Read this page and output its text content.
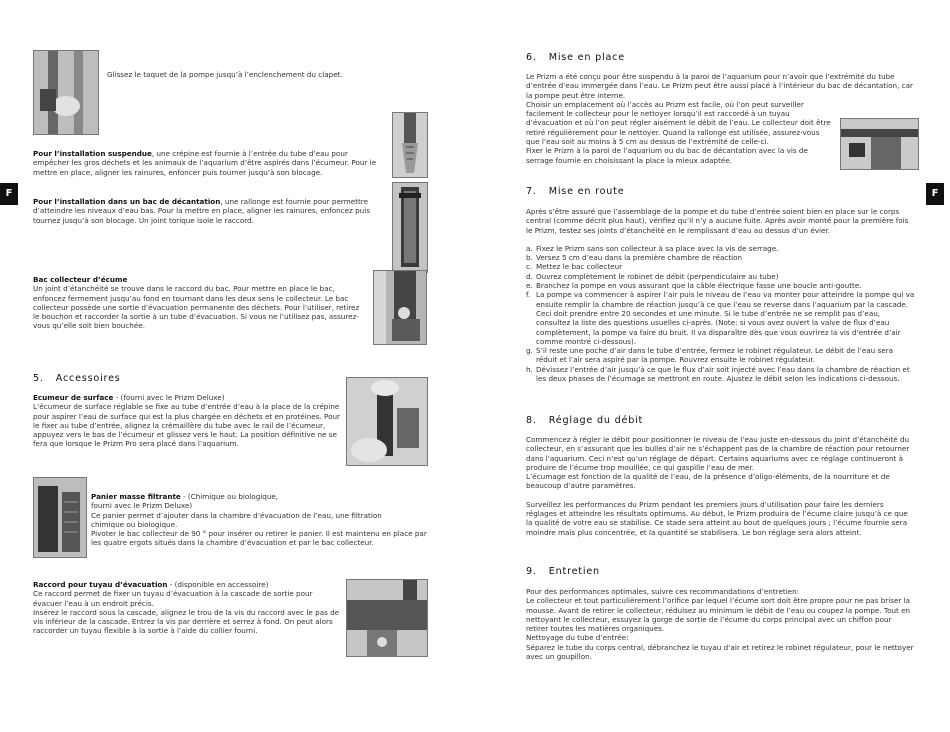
F	F
Glissez le taquet de la pompe jusqu’à l’enclenchement du clapet.
Pour l’installation suspendue, une crépine est fournie à l’entrée du tube d’eau pour empêcher les gros déchets et les animaux de l’aquarium d’être aspirés dans l’écumeur. Pour le mettre en place, aligner les rainures, enfoncer puis tourner jusqu’à son blocage.
Pour l’installation dans un bac de décantation, une rallonge est fournie pour permettre d’atteindre les niveaux d’eau bas. Pour la mettre en place, aligner les rainures, enfoncez puis tournez jusqu’à son blocage. Un joint torique isole le raccord.
Bac collecteur d’écume
Un joint d’étanchéité se trouve dans le raccord du bac. Pour mettre en place le bac, enfoncez fermement jusqu’au fond en tournant dans les deux sens le collecteur. Le bac collecteur possède une sortie d’évacuation permanente des déchets. Pour l’utiliser, retirez le bouchon et raccorder la sortie à un tube d’évacuation. Si vous ne l’utilisez pas, assurez-vous qu’elle soit bien bouchée.
5. Accessoires
Ecumeur de surface - (fourni avec le Prizm Deluxe)
L’écumeur de surface réglable se fixe au tube d’entrée d’eau à la place de la crépine pour aspirer l’eau de surface qui est la plus chargée en déchets et en protéines. Pour le fixer au tube d’entrée, alignez la crémaillère du tube avec le rail de l’écumeur, appuyez vers le bas de l’écumeur et glissez vers le haut. La position définitive ne se fera que lorsque le Prizm Pro sera placé dans l’aquarium.
Panier masse filtrante - (Chimique ou biologique, fourni avec le Prizm Deluxe)
Ce panier permet d’ajouter dans la chambre d’évacuation de l’eau, une filtration chimique ou biologique.
Pivoter le bac collecteur de 90 ° pour insérer ou retirer le panier. Il est maintenu en place par les quatre ergots situés dans la chambre d’évacuation et par le bac collecteur.
Raccord pour tuyau d’évacuation - (disponible en accessoire)
Ce raccord permet de fixer un tuyau d’évacuation à la cascade de sortie pour évacuer l’eau à un endroit précis.
Insérez le raccord sous la cascade, alignez le trou de la vis du raccord avec le pas de vis inférieur de la cascade. Entrez la vis par derrière et serrez à fond. On peut alors raccorder un tuyau flexible à la sortie à l’aide du collier fourni.
6. Mise en place
Le Prizm a été conçu pour être suspendu à la paroi de l’aquarium pour n’avoir que l’extrémité du tube d’entrée d’eau immergée dans l’eau. Le Prizm peut être aussi placé à l’intérieur du bac de décantation, car la pompe peut être interne.
Choisir un emplacement où l’accès au Prizm est facile, où l’on peut surveiller facilement le collecteur pour le nettoyer lorsqu’il est raccordé à un tuyau d’évacuation et où l’on peut régler aisément le débit de l’eau. Le collecteur doit être retiré régulièrement pour le nettoyer. Quand la rallonge est utilisée, assurez-vous que l’eau soit au moins à 5 cm au dessus de l’extrémité de celle-ci.
Fixer le Prizm à la paroi de l’aquarium ou du bac de décantation avec la vis de serrage fournie en choisissant la place la mieux adaptée.
7. Mise en route
Après s’être assuré que l’assemblage de la pompe et du tube d’entrée soient bien en place sur le corps central (comme décrit plus haut), vérifiez qu’il n’y a aucune fuite. Après avoir monté pour la première fois le Prizm, testez ses joints d’étanchéité en le remplissant d’eau au dessus d’un évier.
a. Fixez le Prizm sans son collecteur à sa place avec la vis de serrage.
b. Versez 5 cm d’eau dans la première chambre de réaction
c. Mettez le bac collecteur
d. Ouvrez complètement le robinet de débit (perpendiculaire au tube)
e. Branchez la pompe en vous assurant que la câble électrique fasse une boucle anti-goutte.
f. La pompe va commencer à aspirer l’air puis le niveau de l’eau va monter pour atteindre la pompe qui va ensuite remplir la chambre de réaction jusqu’à ce que l’eau se reverse dans l’aquarium par la cascade. Ceci doit prendre entre 20 secondes et une minute. Si le tube d’entrée ne se remplit pas d’eau, consultez la liste des questions usuelles ci-après. (Note: si vous avez ouvert la valve de flux d’eau complètement, la pompe va faire du bruit. Il va disparaître dès que vous ouvrirez la vis d’entrée d’air comme montré ci-dessous).
g. S’il reste une poche d’air dans le tube d’entrée, fermez le robinet régulateur. Le débit de l’eau sera réduit et l’air sera aspiré par la pompe. Rouvrez ensuite le robinet régulateur.
h. Dévissez l’entrée d’air jusqu’à ce que le flux d’air soit injecté avec l’eau dans la chambre de réaction et les deux phases de l’écumage se mettront en route. Ajustez le débit selon les indications ci-dessous.
8. Réglage du débit
Commencez à régler le débit pour positionner le niveau de l’eau juste en-dessous du joint d’étanchéité du collecteur, en s’assurant que les bulles d’air ne s’échappent pas de la chambre de réaction pour retourner dans l’aquarium. Ceci n’est qu’un réglage de départ. Certains aquariums avec ce réglage continueront à produire de l’écume trop mouillée, ce qui gaspille l’eau de mer.
L’écumage est fonction de la qualité de l’eau, de la présence d’oligo-éléments, de la nourriture et de beaucoup d’autre paramètres.
Surveillez les performances du Prizm pendant les premiers jours d’utilisation pour faire les derniers réglages et atteindre les résultats optimums. Au début, le Prizm produira de l’écume claire jusqu’à ce que la qualité de votre eau se stabilise. Ce stade sera atteint au bout de quelques jours ; l’écume fournie sera moindre mais plus concentrée, et la quantité se stabilisera. Le bon réglage sera alors atteint.
9. Entretien
Pour des performances optimales, suivre ces recommandations d’entretien:
Le collecteur et tout particulièrement l’orifice par lequel l’écume sort doit être propre pour ne pas briser la mousse. Avant de retirer le collecteur, réduisez au minimum le débit de l’eau ou coupez la pompe. Tout en nettoyant le collecteur, essuyez la gorge de sortie de l’écume du corps principal avec un chiffon pour retirer toutes les matières organiques.
Nettoyage du tube d’entrée:
Séparez le tube du corps central, débranchez le tuyau d’air et retirez le robinet régulateur, pour le nettoyer avec un goupillon.
